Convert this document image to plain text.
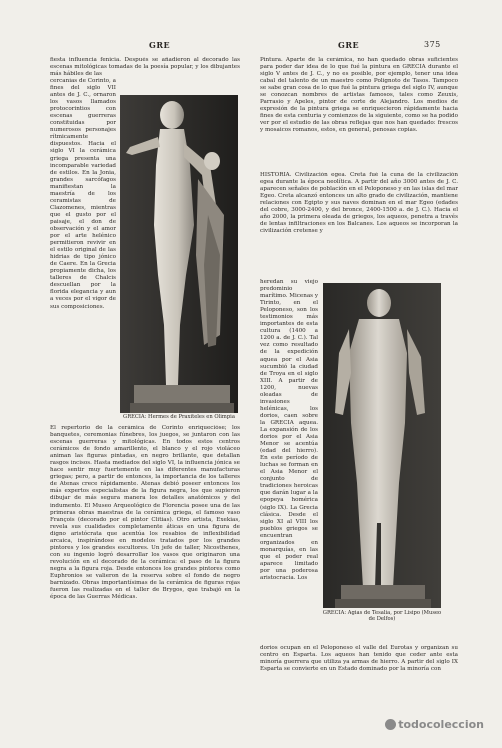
GRE	GRE	375

fiesta influencia fenicia. Después se añadieron al decorado las escenas mitológicas tomadas de la poesía popular, y los dibujantes más hábiles de las

cercanías de Corinto, a fines del siglo VII antes de J. C., ornaron los vasos llamados protocorintios con escenas guerreras constituidas por numerosos personajes rítmicamente dispuestos. Hacia el siglo VI la cerámica griega presenta una incomparable variedad de estilos. En la Jonia, grandes sarcófagos manifiestan la maestría de los ceramistas de Clazomenes, mientras que el gusto por el paisaje, el don de observación y el amor por el arte helénico permitieron revivir en el estilo original de las hidrias de tipo jónico de Caere. En la Grecia propiamente dicha, los talleres de Chalcis descuellan por la florida elegancia y aun a veces por el vigor de sus composiciones.

GRECIA: Hermes de Praxiteles en Olimpia

El repertorio de la cerámica de Corinto enriquecióse; los banquetes, ceremonias fúnebres, los juegos, se juntaron con las escenas guerreras y mitológicas. En todos estos centros cerámicos de fondo amarillento, el blanco y el rojo violáceo animan las figuras pintadas, en negro brillante, que detallan rasgos incisos. Hasta mediados del siglo VI, la influencia jónica se hace sentir muy fuertemente en las diferentes manufacturas griegas; pero, a partir de entonces, la importancia de los talleres de Atenas crece rápidamente. Atenas debió poseer entonces los más expertos especialistas de la figura negra, los que supieron dibujar de más segura manera los detalles anatómicos y del indumento. El Museo Arqueológico de Florencia posee una de las primeras obras maestras de la cerámica griega, el famoso vaso François (decorado por el pintor Clitias). Otro artista, Exekias, revela sus cualidades completamente áticas en una figura de digno aristócrata que acentúa los resabios de inflexibilidad arcaica, inspirándose en modelos tratados por los grandes pintores y los grandes escultores. Un jefe de taller, Nicosthenes, con su ingenio logró desarrollar los vasos que originaron una revolución en el decorado de la cerámica: el paso de la figura negra a la figura roja. Desde entonces los grandes pintores como Euphronios se valieron de la reserva sobre el fondo de negro barnizado. Obras importantísimas de la cerámica de figuras rojas fueron las realizadas en el taller de Brygos, que trabajó en la época de las Guerras Médicas.

Pintura. Aparte de la cerámica, no han quedado obras suficientes para poder dar idea de lo que fué la pintura en GRECIA durante el siglo V antes de J. C., y no es posible, por ejemplo, tener una idea cabal del talento de un maestro como Polignoto de Tasos. Tampoco se sabe gran cosa de lo que fué la pintura griega del siglo IV, aunque se conozcan nombres de artistas famosos, tales como Zeuxis, Parrasio y Apeles, pintor de corte de Alejandro. Los medios de expresión de la pintura griega se enriquecieron rápidamente hacia fines de esta centuria y comienzos de la siguiente, como se ha podido ver por el estudio de las obras reflejas que nos han quedado: frescos y mosaicos romanos, estos, en general, penosas copias.

HISTORIA. Civilización egea. Creta fué la cuna de la civilización egea durante la época neolítica. A partir del año 3000 antes de J. C. aparecen señales de población en el Peloponeso y en las islas del mar Egeo. Creta alcanzó entonces un alto grado de civilización, mantiene relaciones con Egipto y sus naves dominan en el mar Egeo (edades del cobre, 3000-2400, y del bronce, 2400-1500 a. de J. C.). Hacia el año 2000, la primera oleada de griegos, los aqueos, penetra a través de lentas infiltraciones en los Balcanes. Los aqueos se incorporan la civilización cretense y

heredan su viejo predominio marítimo. Micenas y Tirinto, en el Peloponeso, son los testimonios más importantes de esta cultura (1400 a 1200 a. de J. C.). Tal vez como resultado de la expedición aquea por el Asia sucumbió la ciudad de Troya en el siglo XIII. A partir de 1200, nuevas oleadas de invasiones helénicas, los dorios, caen sobre la GRECIA aquea. La expansión de los dorios por el Asia Menor se acentúa (edad del hierro). En este período de luchas se forman en el Asia Menor el conjunto de tradiciones heroicas que darán lugar a la epopeya homérica (siglo IX). La Grecia clásica. Desde el siglo XI al VIII los pueblos griegos se encuentran organizados en monarquías, en las que el poder real aparece limitado por una poderosa aristocracia. Los

GRECIA: Agias de Tesalia, por Lisipo (Museo de Delfos)

dorios ocupan en el Peloponeso el valle del Eurotas y organizan su centro en Esparta. Los aqueos han tenido que ceder ante esta minoría guerrera que utiliza ya armas de hierro. A partir del siglo IX Esparta se convierte en un Estado dominado por la minoría con

todocoleccion
